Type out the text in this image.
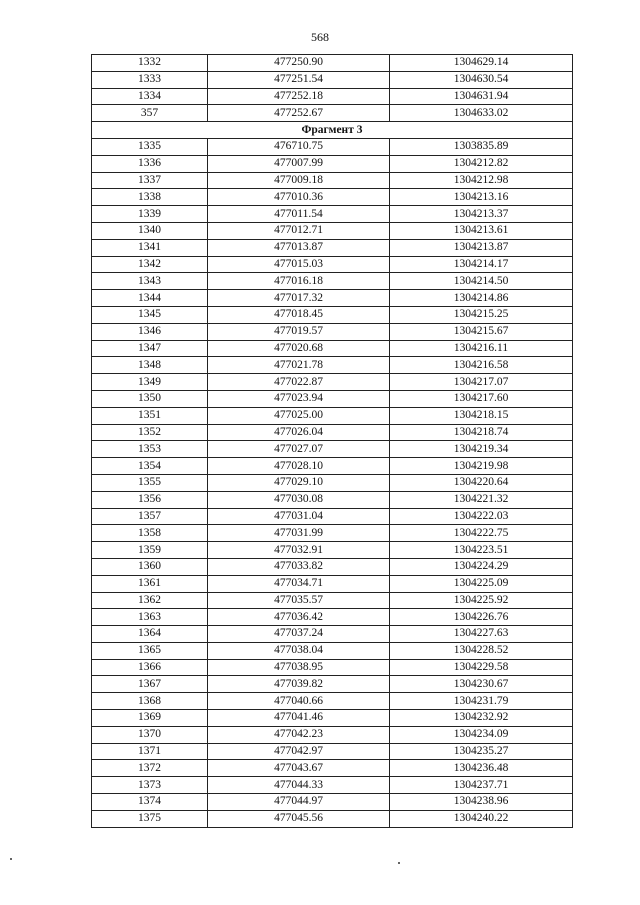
568
1332	477250.90	1304629.14
1333	477251.54	1304630.54
1334	477252.18	1304631.94
357	477252.67	1304633.02
Фрагмент 3		
1335	476710.75	1303835.89
1336	477007.99	1304212.82
1337	477009.18	1304212.98
1338	477010.36	1304213.16
1339	477011.54	1304213.37
1340	477012.71	1304213.61
1341	477013.87	1304213.87
1342	477015.03	1304214.17
1343	477016.18	1304214.50
1344	477017.32	1304214.86
1345	477018.45	1304215.25
1346	477019.57	1304215.67
1347	477020.68	1304216.11
1348	477021.78	1304216.58
1349	477022.87	1304217.07
1350	477023.94	1304217.60
1351	477025.00	1304218.15
1352	477026.04	1304218.74
1353	477027.07	1304219.34
1354	477028.10	1304219.98
1355	477029.10	1304220.64
1356	477030.08	1304221.32
1357	477031.04	1304222.03
1358	477031.99	1304222.75
1359	477032.91	1304223.51
1360	477033.82	1304224.29
1361	477034.71	1304225.09
1362	477035.57	1304225.92
1363	477036.42	1304226.76
1364	477037.24	1304227.63
1365	477038.04	1304228.52
1366	477038.95	1304229.58
1367	477039.82	1304230.67
1368	477040.66	1304231.79
1369	477041.46	1304232.92
1370	477042.23	1304234.09
1371	477042.97	1304235.27
1372	477043.67	1304236.48
1373	477044.33	1304237.71
1374	477044.97	1304238.96
1375	477045.56	1304240.22
